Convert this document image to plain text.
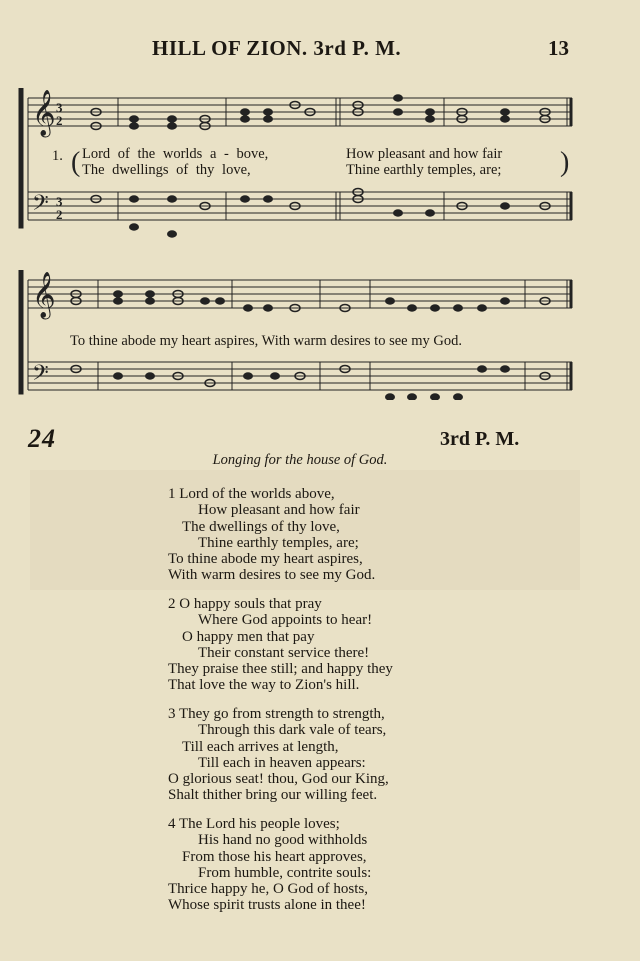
HILL OF ZION. 3rd P. M.	13
𝄞
𝄢
3
2
3
2
(	)
1. Lord of the worlds a - bove,	How pleasant and how fair
The dwellings of thy love,	Thine earthly temples, are;
𝄞
𝄢
To thine abode my heart aspires, With warm desires to see my God.
24	3rd P. M.
Longing for the house of God.
1 Lord of the worlds above,
How pleasant and how fair
The dwellings of thy love,
Thine earthly temples, are;
To thine abode my heart aspires,
With warm desires to see my God.
2 O happy souls that pray
Where God appoints to hear!
O happy men that pay
Their constant service there!
They praise thee still; and happy they
That love the way to Zion's hill.
3 They go from strength to strength,
Through this dark vale of tears,
Till each arrives at length,
Till each in heaven appears:
O glorious seat! thou, God our King,
Shalt thither bring our willing feet.
4 The Lord his people loves;
His hand no good withholds
From those his heart approves,
From humble, contrite souls:
Thrice happy he, O God of hosts,
Whose spirit trusts alone in thee!
